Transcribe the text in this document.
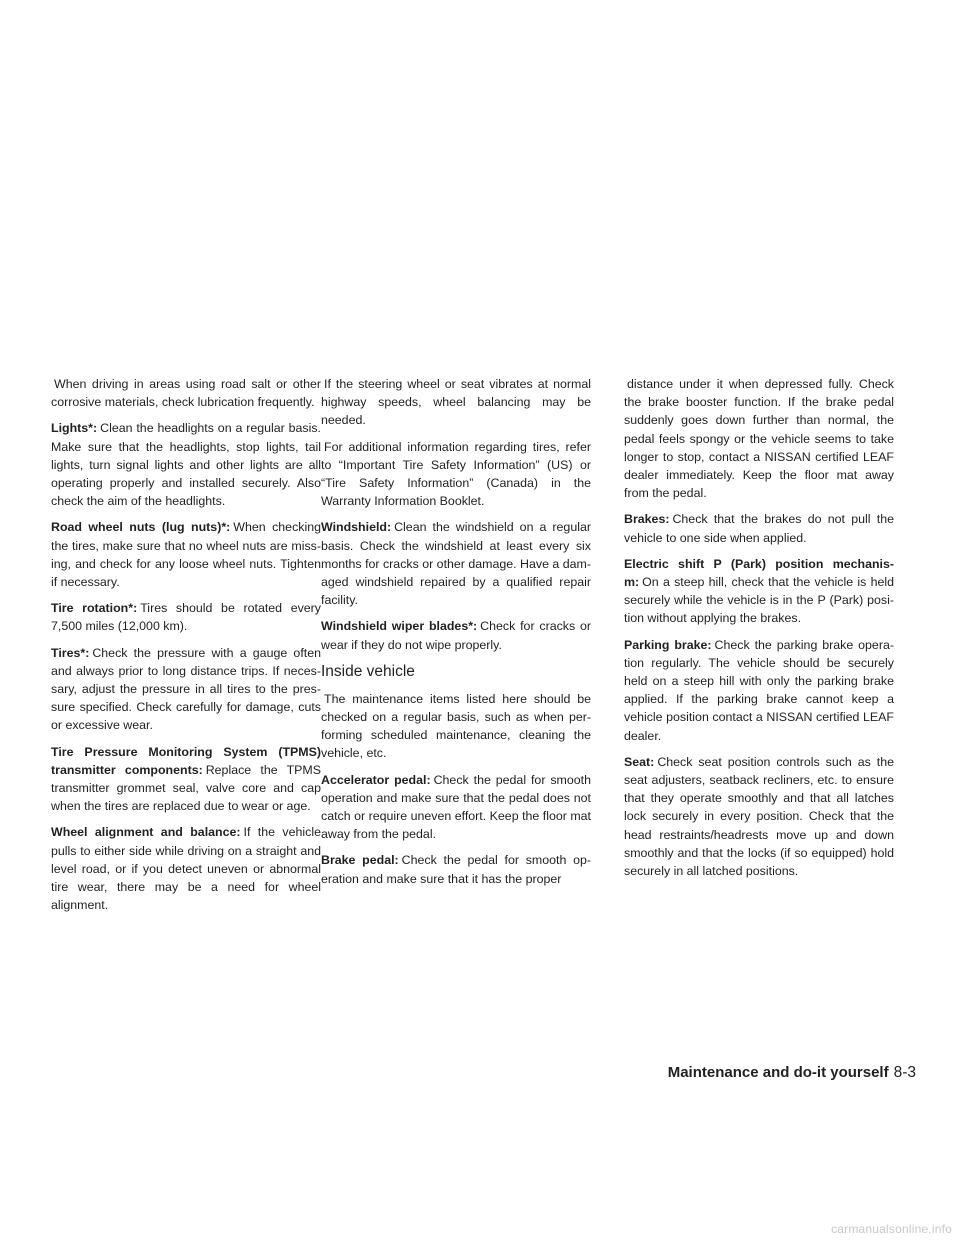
When driving in areas using road salt or other corrosive materials, check lubrication frequently.

Lights*: Clean the headlights on a regular basis. Make sure that the headlights, stop lights, tail lights, turn signal lights and other lights are all operating properly and installed securely. Also check the aim of the headlights.

Road wheel nuts (lug nuts)*: When checking the tires, make sure that no wheel nuts are missing, and check for any loose wheel nuts. Tighten if necessary.

Tire rotation*: Tires should be rotated every 7,500 miles (12,000 km).

Tires*: Check the pressure with a gauge often and always prior to long distance trips. If necessary, adjust the pressure in all tires to the pressure specified. Check carefully for damage, cuts or excessive wear.

Tire Pressure Monitoring System (TPMS) transmitter components: Replace the TPMS transmitter grommet seal, valve core and cap when the tires are replaced due to wear or age.

Wheel alignment and balance: If the vehicle pulls to either side while driving on a straight and level road, or if you detect uneven or abnormal tire wear, there may be a need for wheel alignment.

If the steering wheel or seat vibrates at normal highway speeds, wheel balancing may be needed.

For additional information regarding tires, refer to “Important Tire Safety Information” (US) or “Tire Safety Information” (Canada) in the Warranty Information Booklet.

Windshield: Clean the windshield on a regular basis. Check the windshield at least every six months for cracks or other damage. Have a damaged windshield repaired by a qualified repair facility.

Windshield wiper blades*: Check for cracks or wear if they do not wipe properly.

Inside vehicle

The maintenance items listed here should be checked on a regular basis, such as when performing scheduled maintenance, cleaning the vehicle, etc.

Accelerator pedal: Check the pedal for smooth operation and make sure that the pedal does not catch or require uneven effort. Keep the floor mat away from the pedal.

Brake pedal: Check the pedal for smooth operation and make sure that it has the proper

distance under it when depressed fully. Check the brake booster function. If the brake pedal suddenly goes down further than normal, the pedal feels spongy or the vehicle seems to take longer to stop, contact a NISSAN certified LEAF dealer immediately. Keep the floor mat away from the pedal.

Brakes: Check that the brakes do not pull the vehicle to one side when applied.

Electric shift P (Park) position mechanism: On a steep hill, check that the vehicle is held securely while the vehicle is in the P (Park) position without applying the brakes.

Parking brake: Check the parking brake operation regularly. The vehicle should be securely held on a steep hill with only the parking brake applied. If the parking brake cannot keep a vehicle position contact a NISSAN certified LEAF dealer.

Seat: Check seat position controls such as the seat adjusters, seatback recliners, etc. to ensure that they operate smoothly and that all latches lock securely in every position. Check that the head restraints/headrests move up and down smoothly and that the locks (if so equipped) hold securely in all latched positions.

Maintenance and do-it yourself 8-3
carmanualsonline.info
